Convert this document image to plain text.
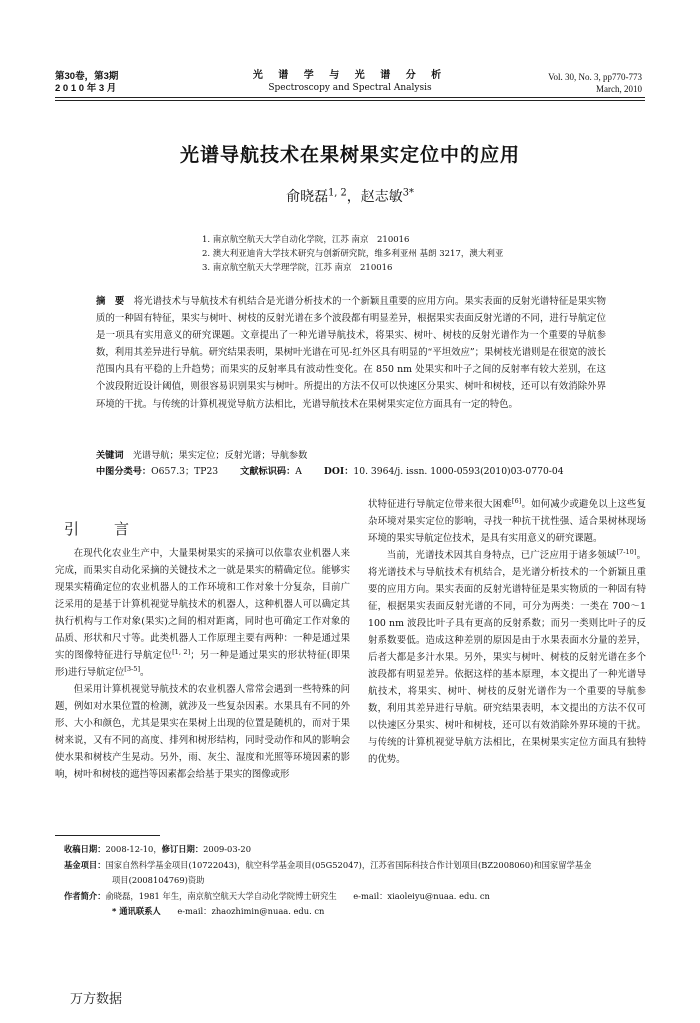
第30卷，第3期
2 0 1 0 年 3 月
光 谱 学 与 光 谱 分 析
Spectroscopy and Spectral Analysis
Vol. 30, No. 3, pp770-773
March, 2010
光谱导航技术在果树果实定位中的应用
俞晓磊$^{1, 2}$，赵志敏$^{3*}$
1. 南京航空航天大学自动化学院，江苏 南京　210016
2. 澳大利亚迪肯大学技术研究与创新研究院，维多利亚州 基朗 3217，澳大利亚
3. 南京航空航天大学理学院，江苏 南京　210016
摘　要　 将光谱技术与导航技术有机结合是光谱分析技术的一个新颖且重要的应用方向。果实表面的反射光谱特征是果实物质的一种固有特征，果实与树叶、树枝的反射光谱在多个波段都有明显差异，根据果实表面反射光谱的不同，进行导航定位是一项具有实用意义的研究课题。文章提出了一种光谱导航技术，将果实、树叶、树枝的反射光谱作为一个重要的导航参数，利用其差异进行导航。研究结果表明，果树叶光谱在可见-红外区具有明显的“平坦效应”；果树枝光谱则是在很宽的波长范围内具有平稳的上升趋势；而果实的反射率具有波动性变化。在 850 nm 处果实和叶子之间的反射率有较大差别，在这个波段附近设计阈值，则很容易识别果实与树叶。所提出的方法不仅可以快速区分果实、树叶和树枝，还可以有效消除外界环境的干扰。与传统的计算机视觉导航方法相比，光谱导航技术在果树果实定位方面具有一定的特色。
关键词　 光谱导航；果实定位；反射光谱；导航参数
中图分类号：O657.3；TP23 文献标识码：A DOI：10. 3964/j. issn. 1000-0593(2010)03-0770-04
引　言

在现代化农业生产中，大量果树果实的采摘可以依靠农业机器人来完成，而果实自动化采摘的关键技术之一就是果实的精确定位。能够实现果实精确定位的农业机器人的工作环境和工作对象十分复杂，目前广泛采用的是基于计算机视觉导航技术的机器人，这种机器人可以确定其执行机构与工作对象(果实)之间的相对距离，同时也可确定工作对象的品质、形状和尺寸等。此类机器人工作原理主要有两种：一种是通过果实的图像特征进行导航定位[1, 2]；另一种是通过果实的形状特征(即果形)进行导航定位[3-5]。

但采用计算机视觉导航技术的农业机器人常常会遇到一些特殊的问题，例如对水果位置的检测，就涉及一些复杂因素。水果具有不同的外形、大小和颜色，尤其是果实在果树上出现的位置是随机的，而对于果树来说，又有不同的高度、排列和树形结构，同时受动作和风的影响会使水果和树枝产生晃动。另外，雨、灰尘、湿度和光照等环境因素的影响，树叶和树枝的遮挡等因素都会给基于果实的图像或形

状特征进行导航定位带来很大困难[6]。如何减少或避免以上这些复杂环境对果实定位的影响，寻找一种抗干扰性强、适合果树林现场环境的果实导航定位技术，是具有实用意义的研究课题。

当前，光谱技术因其自身特点，已广泛应用于诸多领域[7-10]。将光谱技术与导航技术有机结合，是光谱分析技术的一个新颖且重要的应用方向。果实表面的反射光谱特征是果实物质的一种固有特征，根据果实表面反射光谱的不同，可分为两类：一类在 700～1 100 nm 波段比叶子具有更高的反射系数；而另一类则比叶子的反射系数要低。造成这种差别的原因是由于水果表面水分量的差异，后者大都是多汁水果。另外，果实与树叶、树枝的反射光谱在多个波段都有明显差异。依据这样的基本原理，本文提出了一种光谱导航技术，将果实、树叶、树枝的反射光谱作为一个重要的导航参数，利用其差异进行导航。研究结果表明，本文提出的方法不仅可以快速区分果实、树叶和树枝，还可以有效消除外界环境的干扰。与传统的计算机视觉导航方法相比，在果树果实定位方面具有独特的优势。

收稿日期：2008-12-10，修订日期：2009-03-20
基金项目：国家自然科学基金项目(10722043)，航空科学基金项目(05G52047)，江苏省国际科技合作计划项目(BZ2008060)和国家留学基金
项目(2008104769)资助
作者简介：俞晓磊，1981 年生，南京航空航天大学自动化学院博士研究生　　e-mail：xiaoleiyu@nuaa. edu. cn
* 通讯联系人　　 e-mail：zhaozhimin@nuaa. edu. cn
万方数据
